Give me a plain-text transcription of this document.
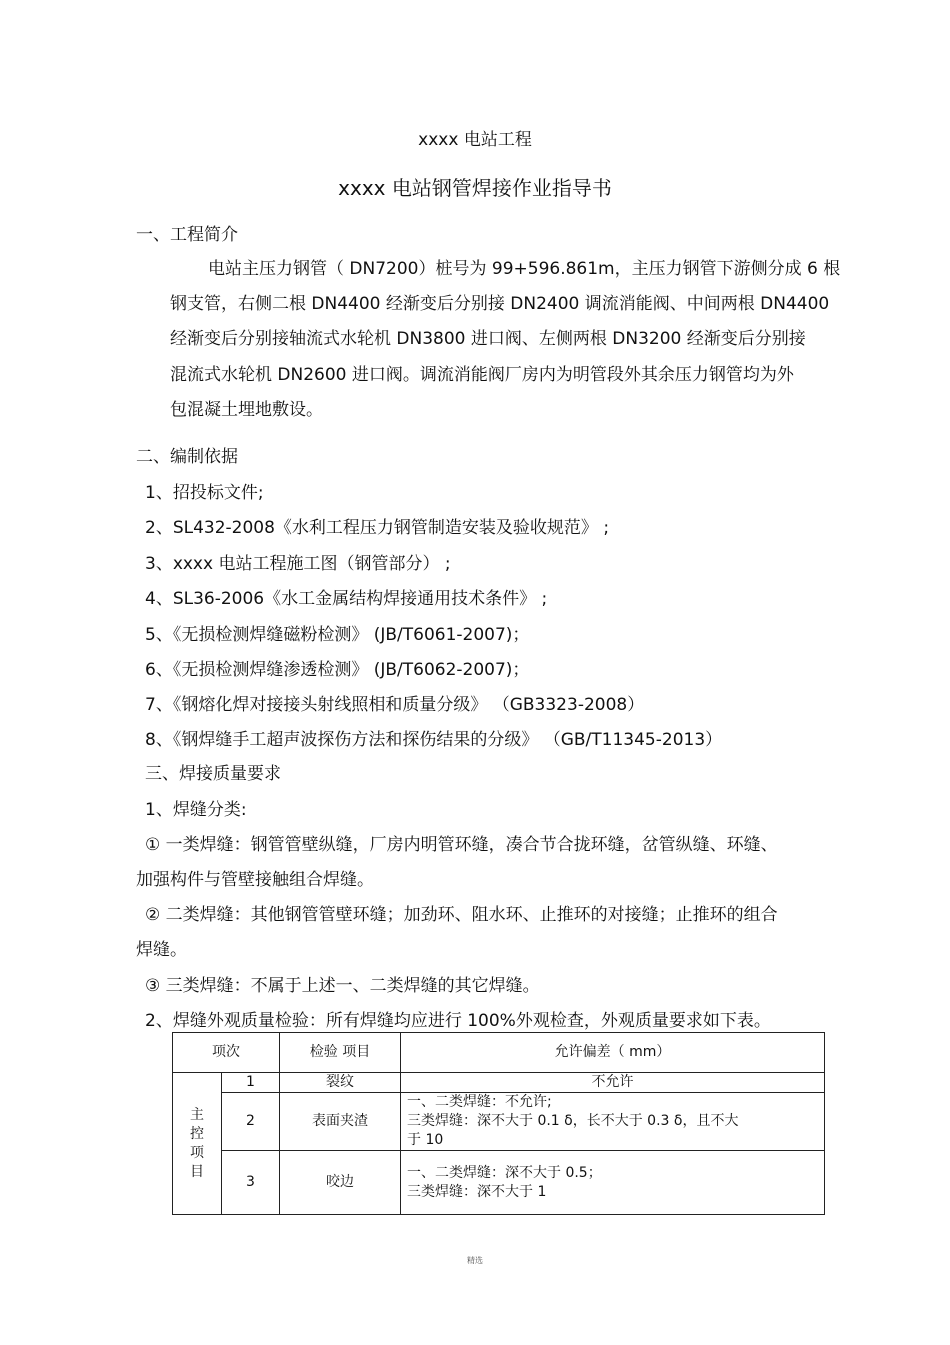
xxxx 电站工程
xxxx 电站钢管焊接作业指导书
一、工程简介
电站主压力钢管（ DN7200）桩号为 99+596.861m，主压力钢管下游侧分成 6 根
钢支管，右侧二根 DN4400 经渐变后分别接 DN2400 调流消能阀、中间两根 DN4400
经渐变后分别接轴流式水轮机 DN3800 进口阀、左侧两根 DN3200 经渐变后分别接
混流式水轮机 DN2600 进口阀。调流消能阀厂房内为明管段外其余压力钢管均为外
包混凝土埋地敷设。
二、编制依据
1、招投标文件;
2、SL432-2008《水利工程压力钢管制造安装及验收规范》 ;
3、xxxx 电站工程施工图（钢管部分） ;
4、SL36-2006《水工金属结构焊接通用技术条件》 ;
5、《无损检测焊缝磁粉检测》 (JB/T6061-2007)；
6、《无损检测焊缝渗透检测》 (JB/T6062-2007)；
7、《钢熔化焊对接接头射线照相和质量分级》 （GB3323-2008）
8、《钢焊缝手工超声波探伤方法和探伤结果的分级》 （GB/T11345-2013）
三、焊接质量要求
1、焊缝分类:
① 一类焊缝：钢管管壁纵缝，厂房内明管环缝，凑合节合拢环缝，岔管纵缝、环缝、
加强构件与管壁接触组合焊缝。
② 二类焊缝：其他钢管管壁环缝；加劲环、阻水环、止推环的对接缝；止推环的组合
焊缝。
③ 三类焊缝：不属于上述一、二类焊缝的其它焊缝。
2、焊缝外观质量检验：所有焊缝均应进行 100%外观检查，外观质量要求如下表。
项次		检验 项目	允许偏差（ mm）

主
控
项
目	1	裂纹	不允许
	2	表面夹渣	一、二类焊缝：不允许;
三类焊缝：深不大于 0.1 δ，长不大于 0.3 δ，且不大
于 10

	3	咬边	一、二类焊缝：深不大于 0.5；
三类焊缝：深不大于 1
精选
